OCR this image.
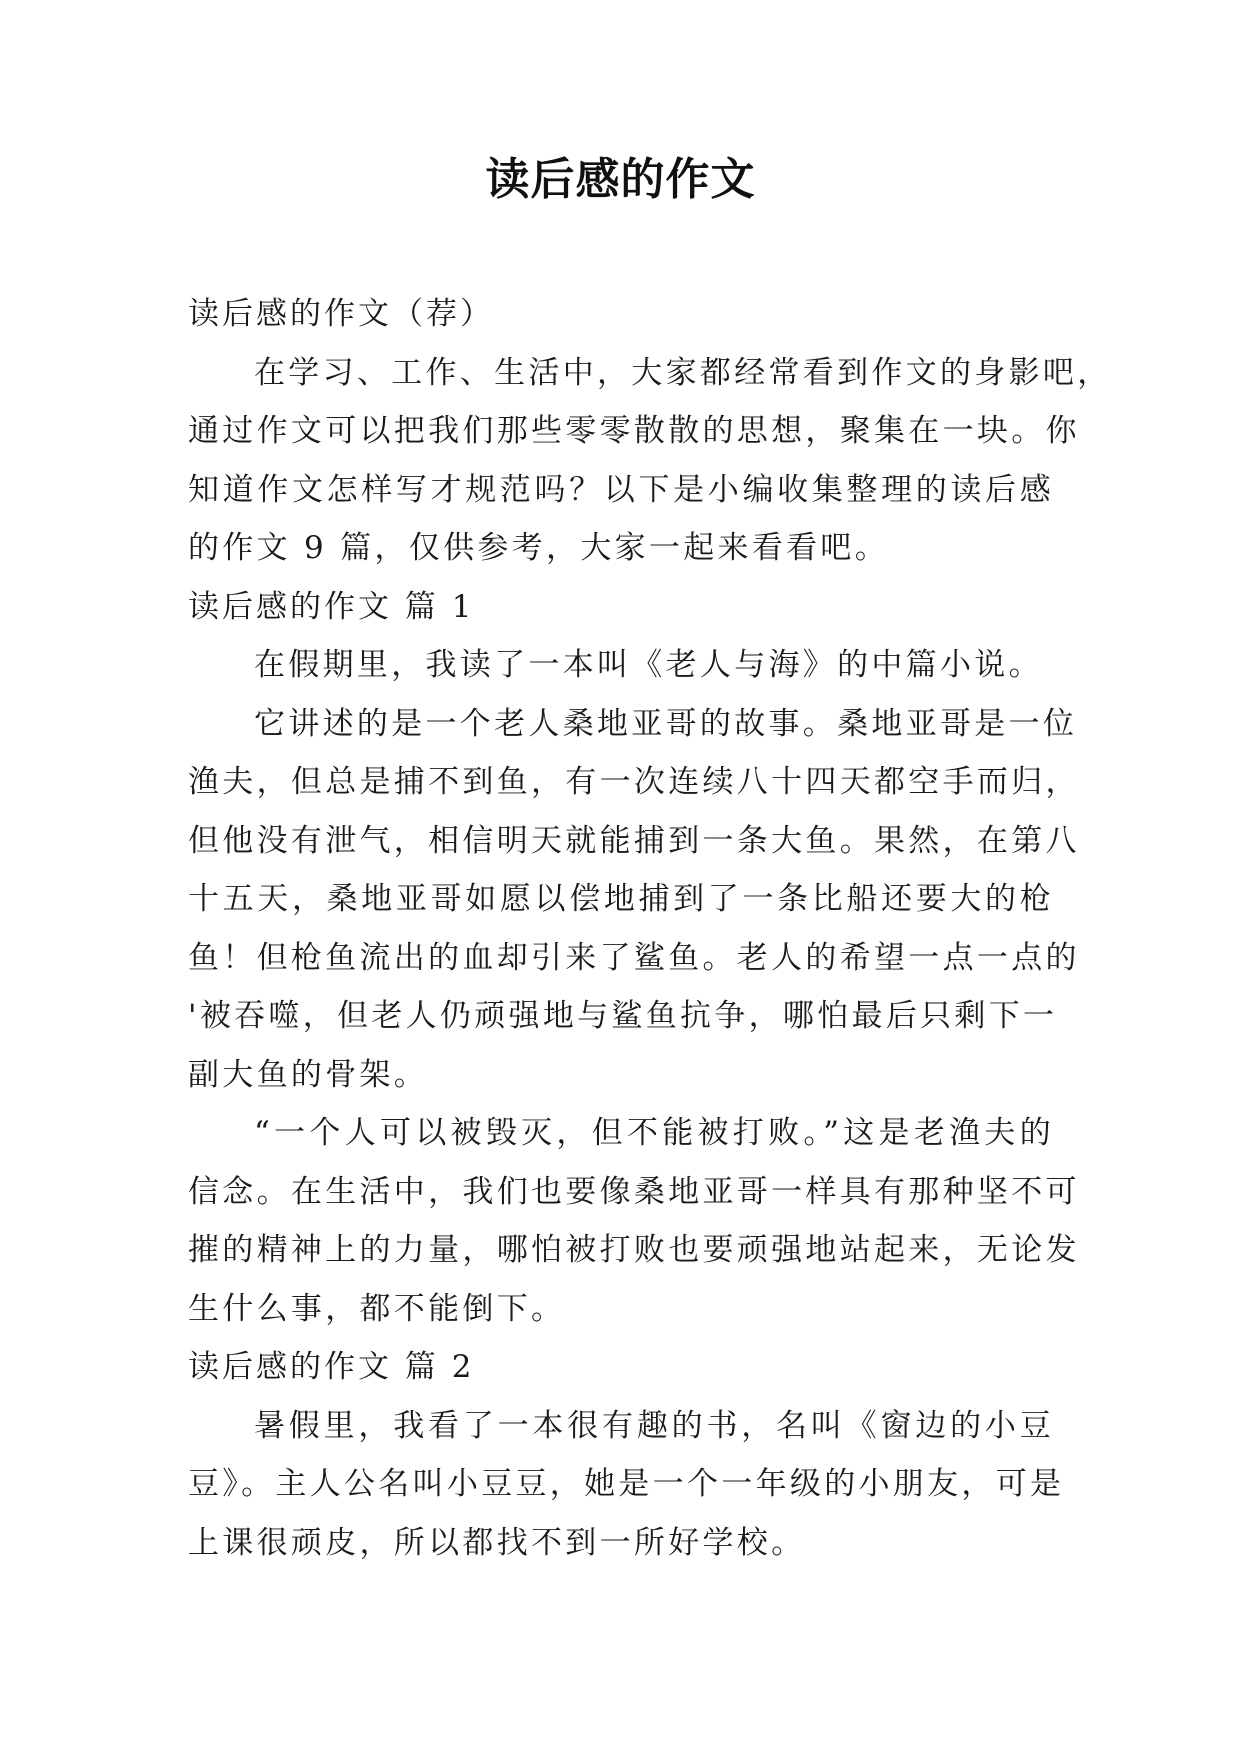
读后感的作文
读后感的作文（荐）
在学习、工作、生活中，大家都经常看到作文的身影吧，
通过作文可以把我们那些零零散散的思想，聚集在一块。你
知道作文怎样写才规范吗？以下是小编收集整理的读后感
的作文 9 篇，仅供参考，大家一起来看看吧。
读后感的作文 篇 1
在假期里，我读了一本叫《老人与海》的中篇小说。
它讲述的是一个老人桑地亚哥的故事。桑地亚哥是一位
渔夫，但总是捕不到鱼，有一次连续八十四天都空手而归，
但他没有泄气，相信明天就能捕到一条大鱼。果然，在第八
十五天，桑地亚哥如愿以偿地捕到了一条比船还要大的枪
鱼！但枪鱼流出的血却引来了鲨鱼。老人的希望一点一点的
'被吞噬，但老人仍顽强地与鲨鱼抗争，哪怕最后只剩下一
副大鱼的骨架。
“一个人可以被毁灭，但不能被打败。”这是老渔夫的
信念。在生活中，我们也要像桑地亚哥一样具有那种坚不可
摧的精神上的力量，哪怕被打败也要顽强地站起来，无论发
生什么事，都不能倒下。
读后感的作文 篇 2
暑假里，我看了一本很有趣的书，名叫《窗边的小豆
豆》。主人公名叫小豆豆，她是一个一年级的小朋友，可是
上课很顽皮，所以都找不到一所好学校。
